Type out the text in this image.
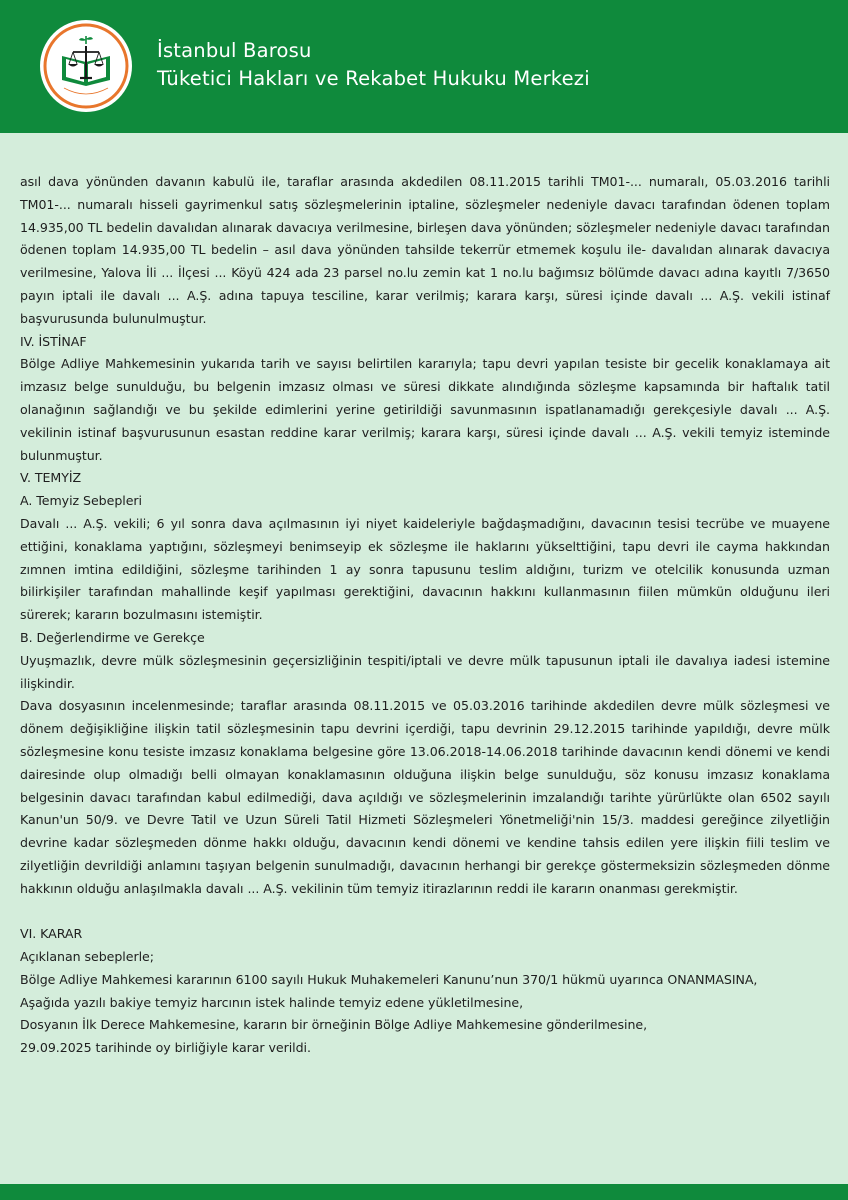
İstanbul Barosu
Tüketici Hakları ve Rekabet Hukuku Merkezi

asıl dava yönünden davanın kabulü ile, taraflar arasında akdedilen 08.11.2015 tarihli TM01-... numaralı, 05.03.2016 tarihli TM01-... numaralı hisseli gayrimenkul satış sözleşmelerinin iptaline, sözleşmeler nedeniyle davacı tarafından ödenen toplam 14.935,00 TL bedelin davalıdan alınarak davacıya verilmesine, birleşen dava yönünden; sözleşmeler nedeniyle davacı tarafından ödenen toplam 14.935,00 TL bedelin – asıl dava yönünden tahsilde tekerrür etmemek koşulu ile- davalıdan alınarak davacıya verilmesine, Yalova İli ... İlçesi ... Köyü 424 ada 23 parsel no.lu zemin kat 1 no.lu bağımsız bölümde davacı adına kayıtlı 7/3650 payın iptali ile davalı ... A.Ş. adına tapuya tesciline, karar verilmiş; karara karşı, süresi içinde davalı ... A.Ş. vekili istinaf başvurusunda bulunulmuştur.

IV. İSTİNAF

Bölge Adliye Mahkemesinin yukarıda tarih ve sayısı belirtilen kararıyla; tapu devri yapılan tesiste bir gecelik konaklamaya ait imzasız belge sunulduğu, bu belgenin imzasız olması ve süresi dikkate alındığında sözleşme kapsamında bir haftalık tatil olanağının sağlandığı ve bu şekilde edimlerini yerine getirildiği savunmasının ispatlanamadığı gerekçesiyle davalı ... A.Ş. vekilinin istinaf başvurusunun esastan reddine karar verilmiş; karara karşı, süresi içinde davalı ... A.Ş. vekili temyiz isteminde bulunmuştur.

V. TEMYİZ

A. Temyiz Sebepleri

Davalı ... A.Ş. vekili; 6 yıl sonra dava açılmasının iyi niyet kaideleriyle bağdaşmadığını, davacının tesisi tecrübe ve muayene ettiğini, konaklama yaptığını, sözleşmeyi benimseyip ek sözleşme ile haklarını yükselttiğini, tapu devri ile cayma hakkından zımnen imtina edildiğini, sözleşme tarihinden 1 ay sonra tapusunu teslim aldığını, turizm ve otelcilik konusunda uzman bilirkişiler tarafından mahallinde keşif yapılması gerektiğini, davacının hakkını kullanmasının fiilen mümkün olduğunu ileri sürerek; kararın bozulmasını istemiştir.

B. Değerlendirme ve Gerekçe

Uyuşmazlık, devre mülk sözleşmesinin geçersizliğinin tespiti/iptali ve devre mülk tapusunun iptali ile davalıya iadesi istemine ilişkindir.

Dava dosyasının incelenmesinde; taraflar arasında 08.11.2015 ve 05.03.2016 tarihinde akdedilen devre mülk sözleşmesi ve dönem değişikliğine ilişkin tatil sözleşmesinin tapu devrini içerdiği, tapu devrinin 29.12.2015 tarihinde yapıldığı, devre mülk sözleşmesine konu tesiste imzasız konaklama belgesine göre 13.06.2018-14.06.2018 tarihinde davacının kendi dönemi ve kendi dairesinde olup olmadığı belli olmayan konaklamasının olduğuna ilişkin belge sunulduğu, söz konusu imzasız konaklama belgesinin davacı tarafından kabul edilmediği, dava açıldığı ve sözleşmelerinin imzalandığı tarihte yürürlükte olan 6502 sayılı Kanun'un 50/9. ve Devre Tatil ve Uzun Süreli Tatil Hizmeti Sözleşmeleri Yönetmeliği'nin 15/3. maddesi gereğince zilyetliğin devrine kadar sözleşmeden dönme hakkı olduğu, davacının kendi dönemi ve kendine tahsis edilen yere ilişkin fiili teslim ve zilyetliğin devrildiği anlamını taşıyan belgenin sunulmadığı, davacının herhangi bir gerekçe göstermeksizin sözleşmeden dönme hakkının olduğu anlaşılmakla davalı ... A.Ş. vekilinin tüm temyiz itirazlarının reddi ile kararın onanması gerekmiştir.

VI. KARAR

Açıklanan sebeplerle;

Bölge Adliye Mahkemesi kararının 6100 sayılı Hukuk Muhakemeleri Kanunu’nun 370/1 hükmü uyarınca ONANMASINA,

Aşağıda yazılı bakiye temyiz harcının istek halinde temyiz edene yükletilmesine,

Dosyanın İlk Derece Mahkemesine, kararın bir örneğinin Bölge Adliye Mahkemesine gönderilmesine,

29.09.2025 tarihinde oy birliğiyle karar verildi.
